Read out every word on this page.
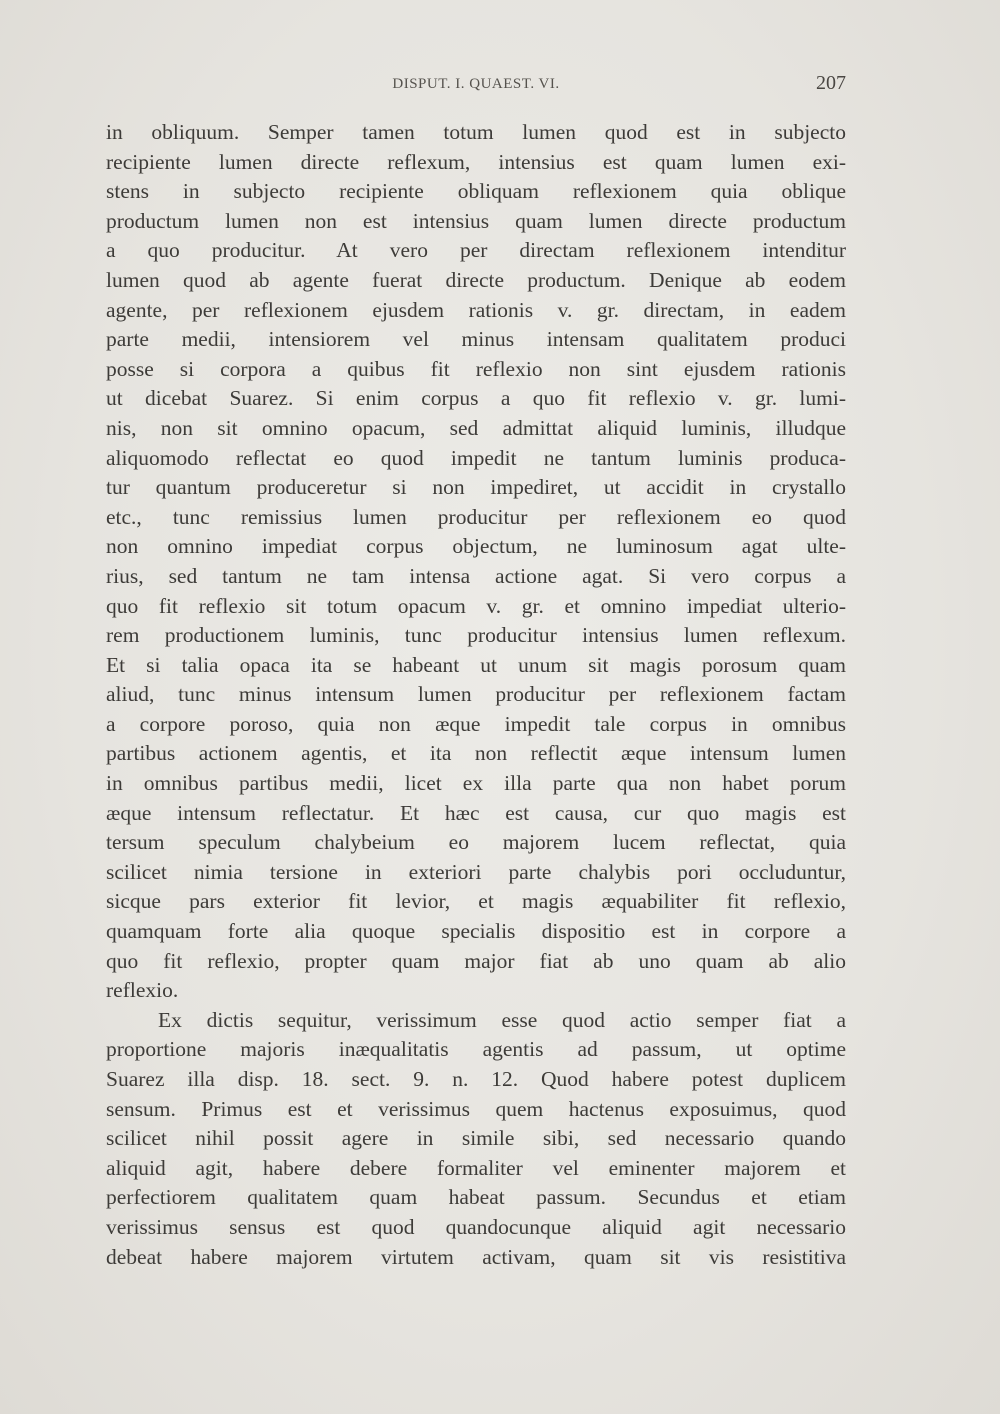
DISPUT. I. QUAEST. VI.	207
in obliquum. Semper tamen totum lumen quod est in subjecto
recipiente lumen directe reflexum, intensius est quam lumen exi-
stens in subjecto recipiente obliquam reflexionem quia oblique
productum lumen non est intensius quam lumen directe productum
a quo producitur. At vero per directam reflexionem intenditur
lumen quod ab agente fuerat directe productum. Denique ab eodem
agente, per reflexionem ejusdem rationis v. gr. directam, in eadem
parte medii, intensiorem vel minus intensam qualitatem produci
posse si corpora a quibus fit reflexio non sint ejusdem rationis
ut dicebat Suarez. Si enim corpus a quo fit reflexio v. gr. lumi-
nis, non sit omnino opacum, sed admittat aliquid luminis, illudque
aliquomodo reflectat eo quod impedit ne tantum luminis produca-
tur quantum produceretur si non impediret, ut accidit in crystallo
etc., tunc remissius lumen producitur per reflexionem eo quod
non omnino impediat corpus objectum, ne luminosum agat ulte-
rius, sed tantum ne tam intensa actione agat. Si vero corpus a
quo fit reflexio sit totum opacum v. gr. et omnino impediat ulterio-
rem productionem luminis, tunc producitur intensius lumen reflexum.
Et si talia opaca ita se habeant ut unum sit magis porosum quam
aliud, tunc minus intensum lumen producitur per reflexionem factam
a corpore poroso, quia non æque impedit tale corpus in omnibus
partibus actionem agentis, et ita non reflectit æque intensum lumen
in omnibus partibus medii, licet ex illa parte qua non habet porum
æque intensum reflectatur. Et hæc est causa, cur quo magis est
tersum speculum chalybeium eo majorem lucem reflectat, quia
scilicet nimia tersione in exteriori parte chalybis pori occluduntur,
sicque pars exterior fit levior, et magis æquabiliter fit reflexio,
quamquam forte alia quoque specialis dispositio est in corpore a
quo fit reflexio, propter quam major fiat ab uno quam ab alio
reflexio.
Ex dictis sequitur, verissimum esse quod actio semper fiat a
proportione majoris inæqualitatis agentis ad passum, ut optime
Suarez illa disp. 18. sect. 9. n. 12. Quod habere potest duplicem
sensum. Primus est et verissimus quem hactenus exposuimus, quod
scilicet nihil possit agere in simile sibi, sed necessario quando
aliquid agit, habere debere formaliter vel eminenter majorem et
perfectiorem qualitatem quam habeat passum. Secundus et etiam
verissimus sensus est quod quandocunque aliquid agit necessario
debeat habere majorem virtutem activam, quam sit vis resistitiva
